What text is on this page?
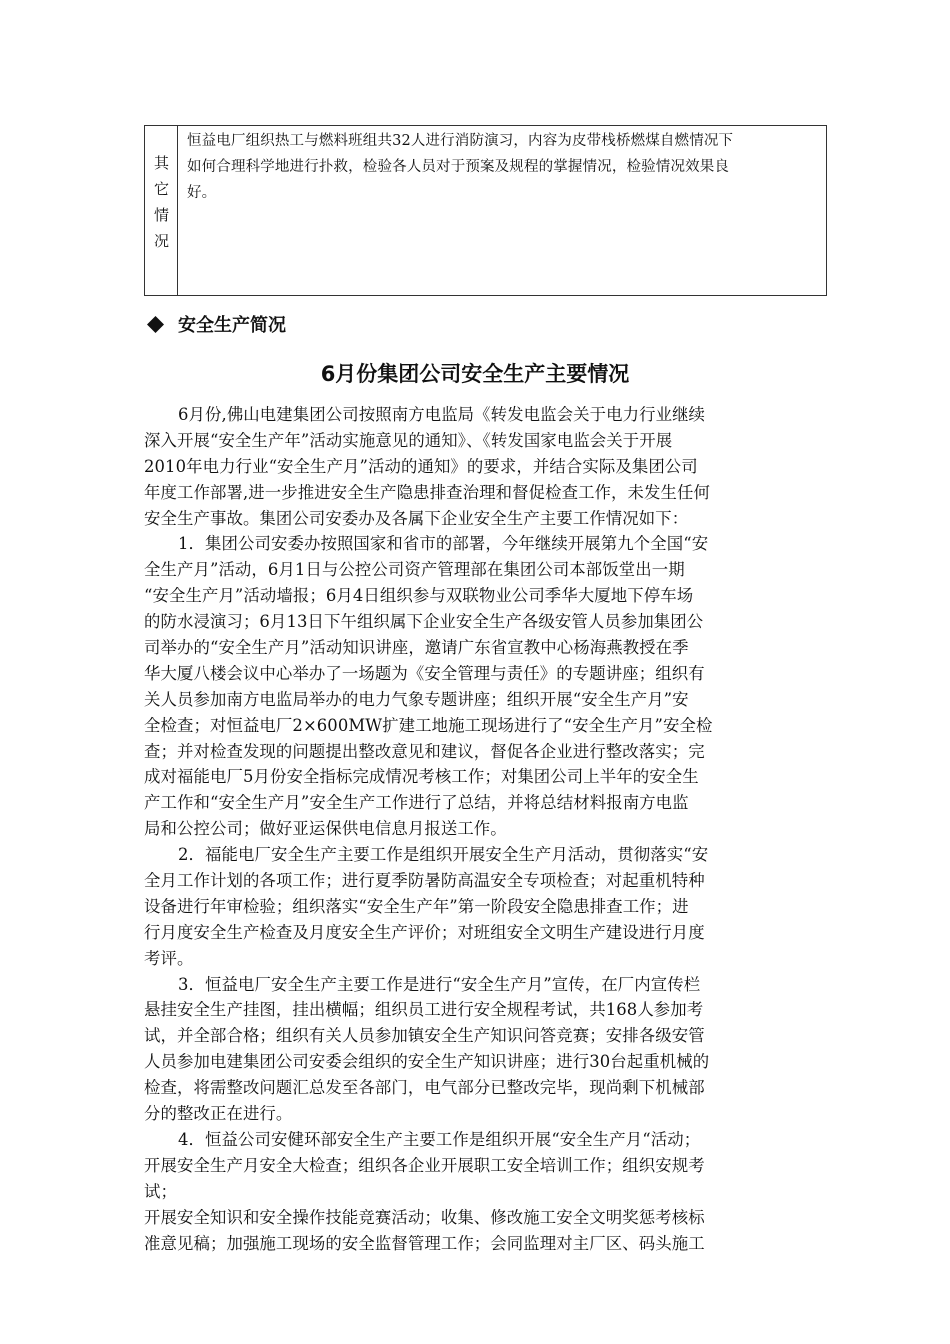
其
它
情
况
恒益电厂组织热工与燃料班组共32人进行消防演习，内容为皮带栈桥燃煤自燃情况下
如何合理科学地进行扑救，检验各人员对于预案及规程的掌握情况，检验情况效果良
好。
安全生产简况
6月份集团公司安全生产主要情况
6月份,佛山电建集团公司按照南方电监局《转发电监会关于电力行业继续
深入开展“安全生产年”活动实施意见的通知》、《转发国家电监会关于开展
2010年电力行业“安全生产月”活动的通知》的要求，并结合实际及集团公司
年度工作部署,进一步推进安全生产隐患排查治理和督促检查工作，未发生任何
安全生产事故。集团公司安委办及各属下企业安全生产主要工作情况如下：
1．集团公司安委办按照国家和省市的部署，今年继续开展第九个全国“安
全生产月”活动，6月1日与公控公司资产管理部在集团公司本部饭堂出一期
“安全生产月”活动墙报；6月4日组织参与双联物业公司季华大厦地下停车场
的防水浸演习；6月13日下午组织属下企业安全生产各级安管人员参加集团公
司举办的“安全生产月”活动知识讲座，邀请广东省宣教中心杨海燕教授在季
华大厦八楼会议中心举办了一场题为《安全管理与责任》的专题讲座；组织有
关人员参加南方电监局举办的电力气象专题讲座；组织开展“安全生产月”安
全检查；对恒益电厂2×600MW扩建工地施工现场进行了“安全生产月”安全检
查；并对检查发现的问题提出整改意见和建议，督促各企业进行整改落实；完
成对福能电厂5月份安全指标完成情况考核工作；对集团公司上半年的安全生
产工作和“安全生产月”安全生产工作进行了总结，并将总结材料报南方电监
局和公控公司；做好亚运保供电信息月报送工作。
2．福能电厂安全生产主要工作是组织开展安全生产月活动，贯彻落实“安
全月工作计划的各项工作；进行夏季防暑防高温安全专项检查；对起重机特种
设备进行年审检验；组织落实“安全生产年”第一阶段安全隐患排查工作；进
行月度安全生产检查及月度安全生产评价；对班组安全文明生产建设进行月度
考评。
3．恒益电厂安全生产主要工作是进行“安全生产月”宣传，在厂内宣传栏
悬挂安全生产挂图，挂出横幅；组织员工进行安全规程考试，共168人参加考
试，并全部合格；组织有关人员参加镇安全生产知识问答竞赛；安排各级安管
人员参加电建集团公司安委会组织的安全生产知识讲座；进行30台起重机械的
检查，将需整改问题汇总发至各部门，电气部分已整改完毕，现尚剩下机械部
分的整改正在进行。
4．恒益公司安健环部安全生产主要工作是组织开展“安全生产月“活动；
开展安全生产月安全大检查；组织各企业开展职工安全培训工作；组织安规考
试；
开展安全知识和安全操作技能竞赛活动；收集、修改施工安全文明奖惩考核标
准意见稿；加强施工现场的安全监督管理工作；会同监理对主厂区、码头施工
